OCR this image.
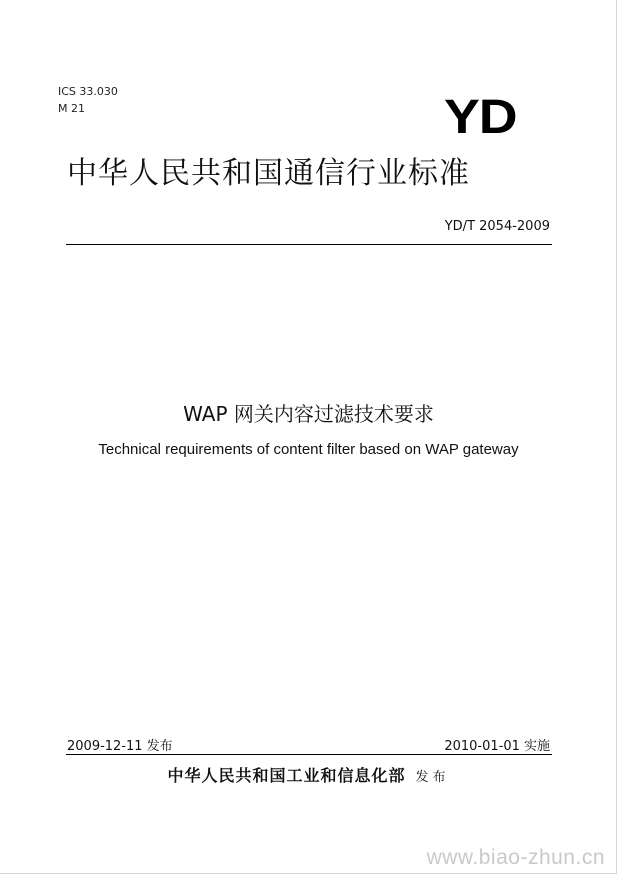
ICS 33.030
M 21	YD
中华人民共和国通信行业标准
YD/T 2054-2009
WAP 网关内容过滤技术要求
Technical requirements of content filter based on WAP gateway
2009-12-11 发布	2010-01-01 实施
中华人民共和国工业和信息化部 发布
www.biao-zhun.cn
